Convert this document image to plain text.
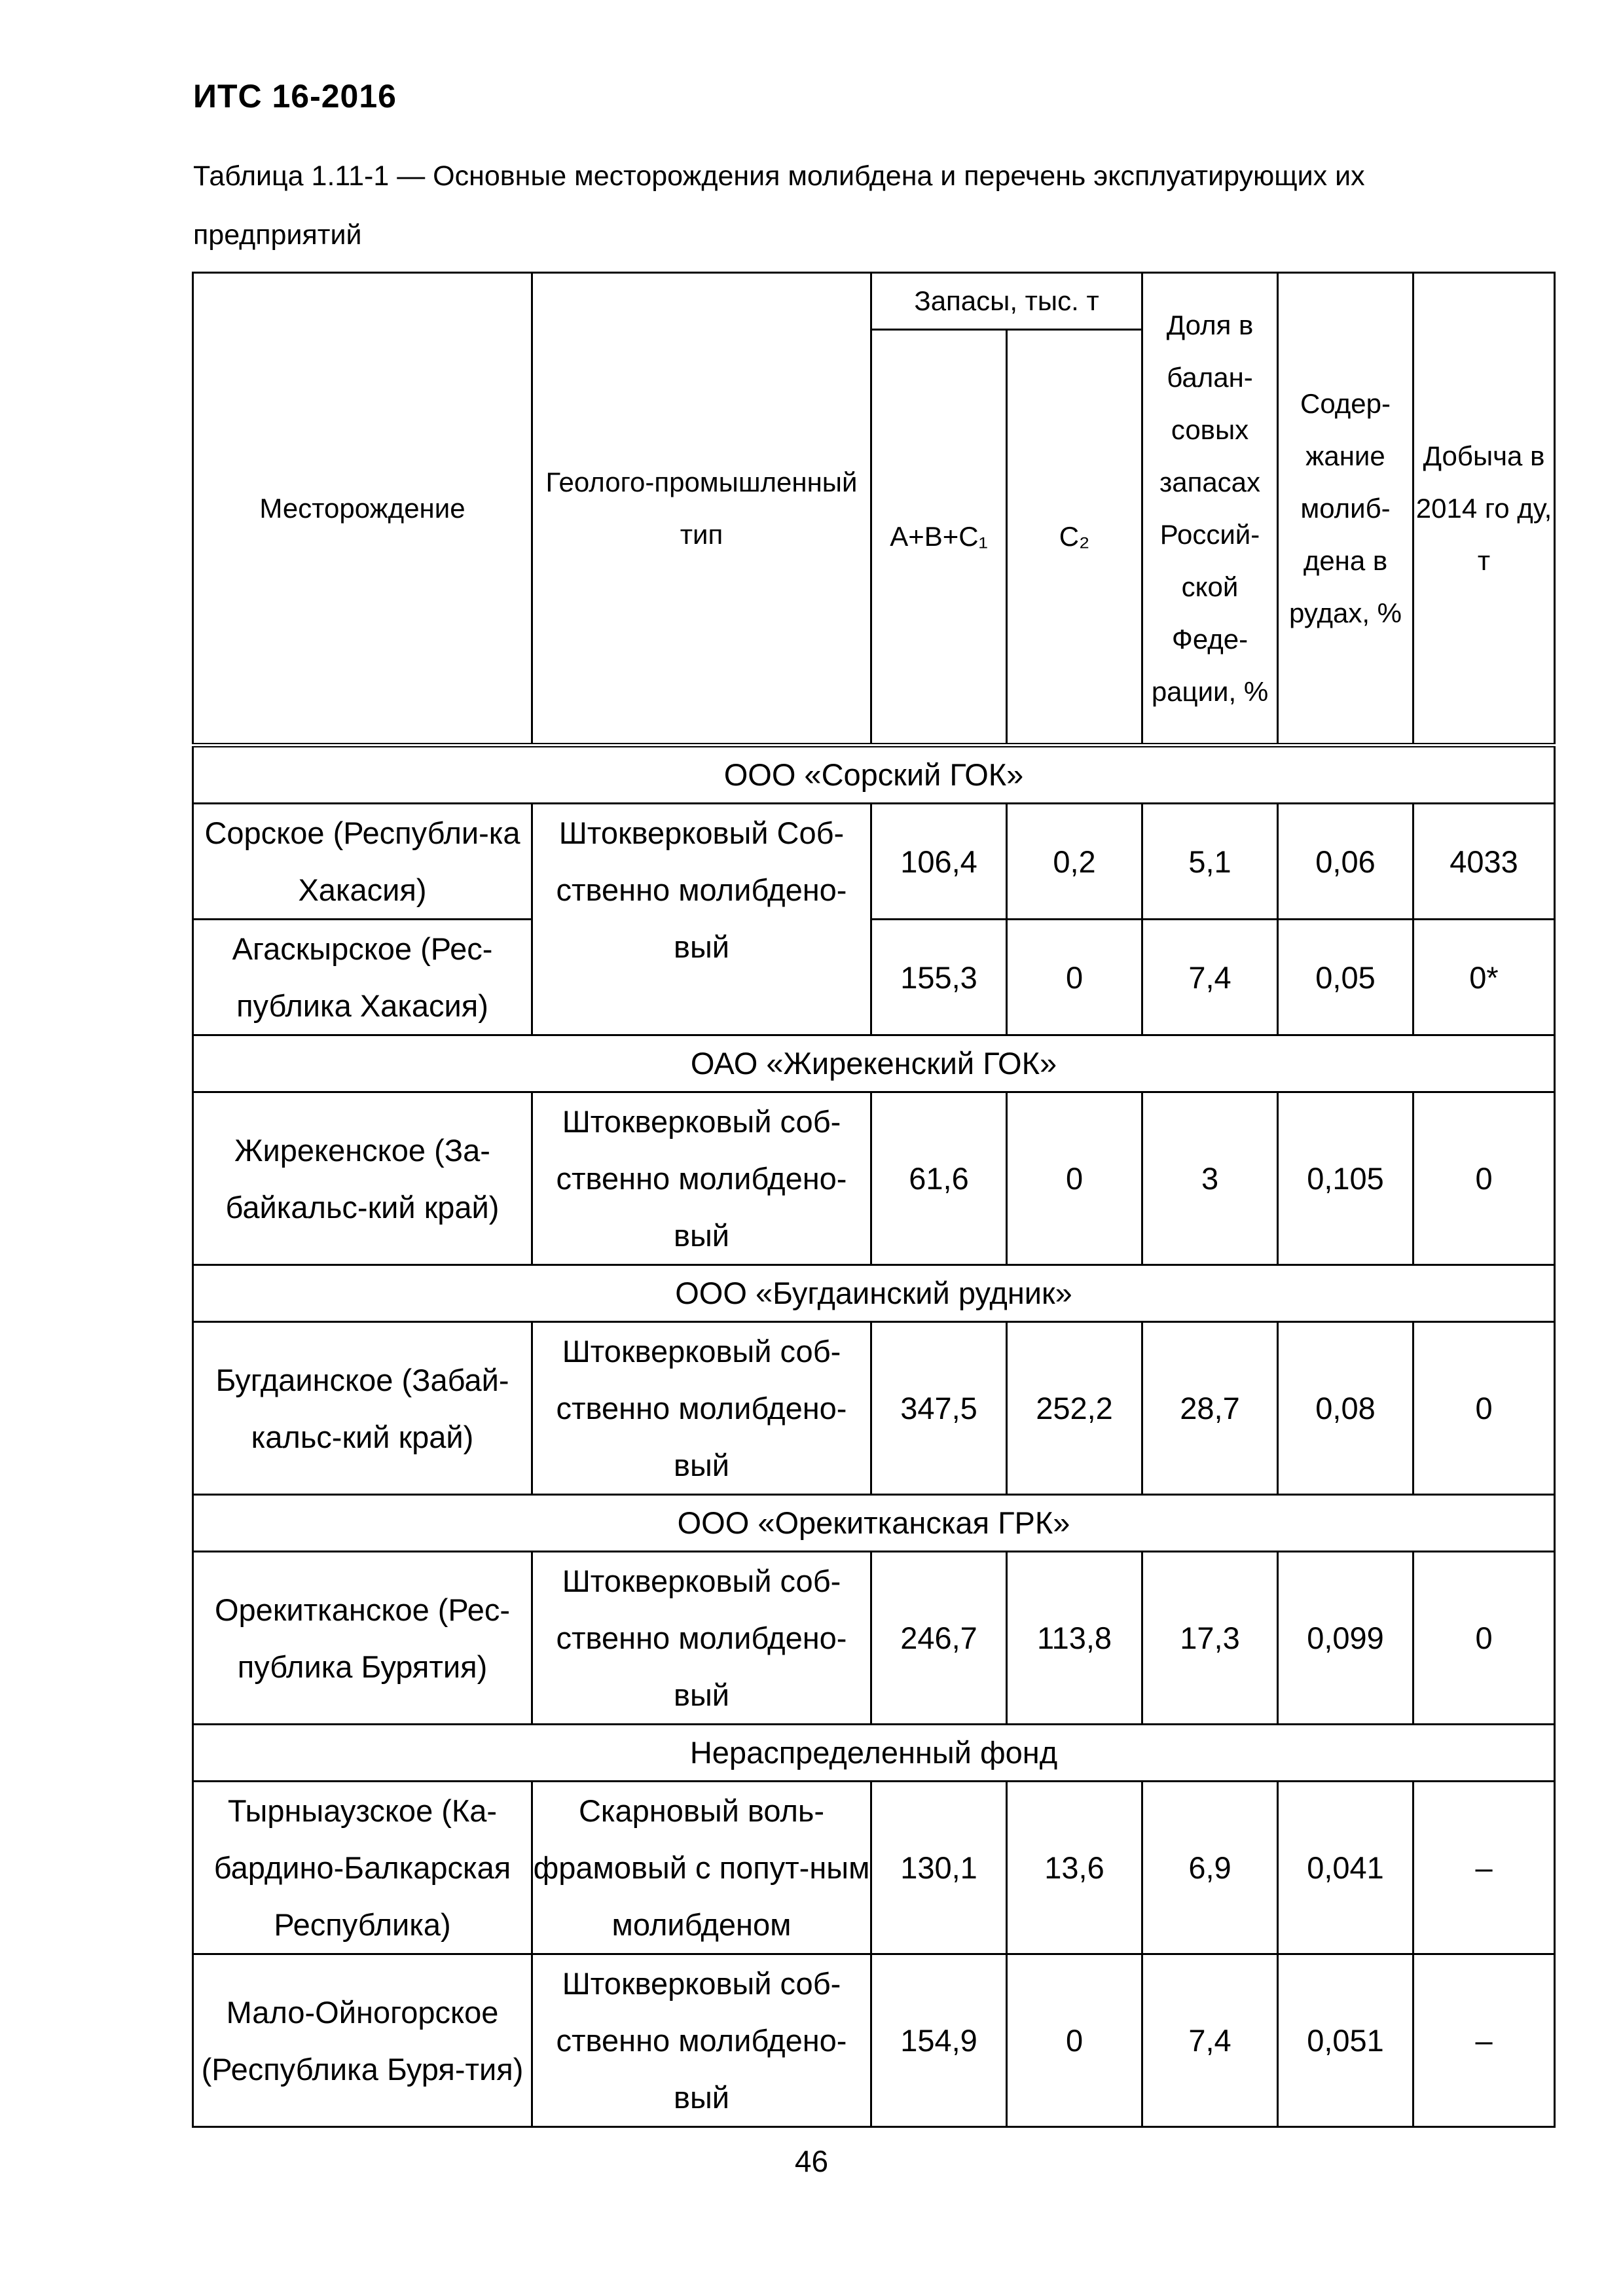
ИТС 16-2016
Таблица 1.11-1 — Основные месторождения молибдена и перечень эксплуатирующих их предприятий
Месторождение	Геолого-промышленный тип	Запасы, тыс. т		Доля в балан-совых запасах Россий-ской Феде-рации, %	Содер-жание молиб-дена в рудах, %	Добыча в 2014 го ду, т
		А+В+С₁	С₂			
ООО «Сорский ГОК»						
Сорское (Республи-ка Хакасия)	Штокверковый Соб-ственно молибдено-вый	106,4	0,2	5,1	0,06	4033
Агаскырское (Рес-публика Хакасия)		155,3	0	7,4	0,05	0*
ОАО «Жирекенский ГОК»						
Жирекенское (За-байкальс-кий край)	Штокверковый соб-ственно молибдено-вый	61,6	0	3	0,105	0
ООО «Бугдаинский рудник»						
Бугдаинское (Забай-кальс-кий край)	Штокверковый соб-ственно молибдено-вый	347,5	252,2	28,7	0,08	0
ООО «Орекитканская ГРК»						
Орекитканское (Рес-публика Бурятия)	Штокверковый соб-ственно молибдено-вый	246,7	113,8	17,3	0,099	0
Нераспределенный фонд						
Тырныаузское (Ка-бардино-Балкарская Республика)	Скарновый воль-фрамовый с попут-ным молибденом	130,1	13,6	6,9	0,041	–
Мало-Ойногорское (Республика Буря-тия)	Штокверковый соб-ственно молибдено-вый	154,9	0	7,4	0,051	–
46
